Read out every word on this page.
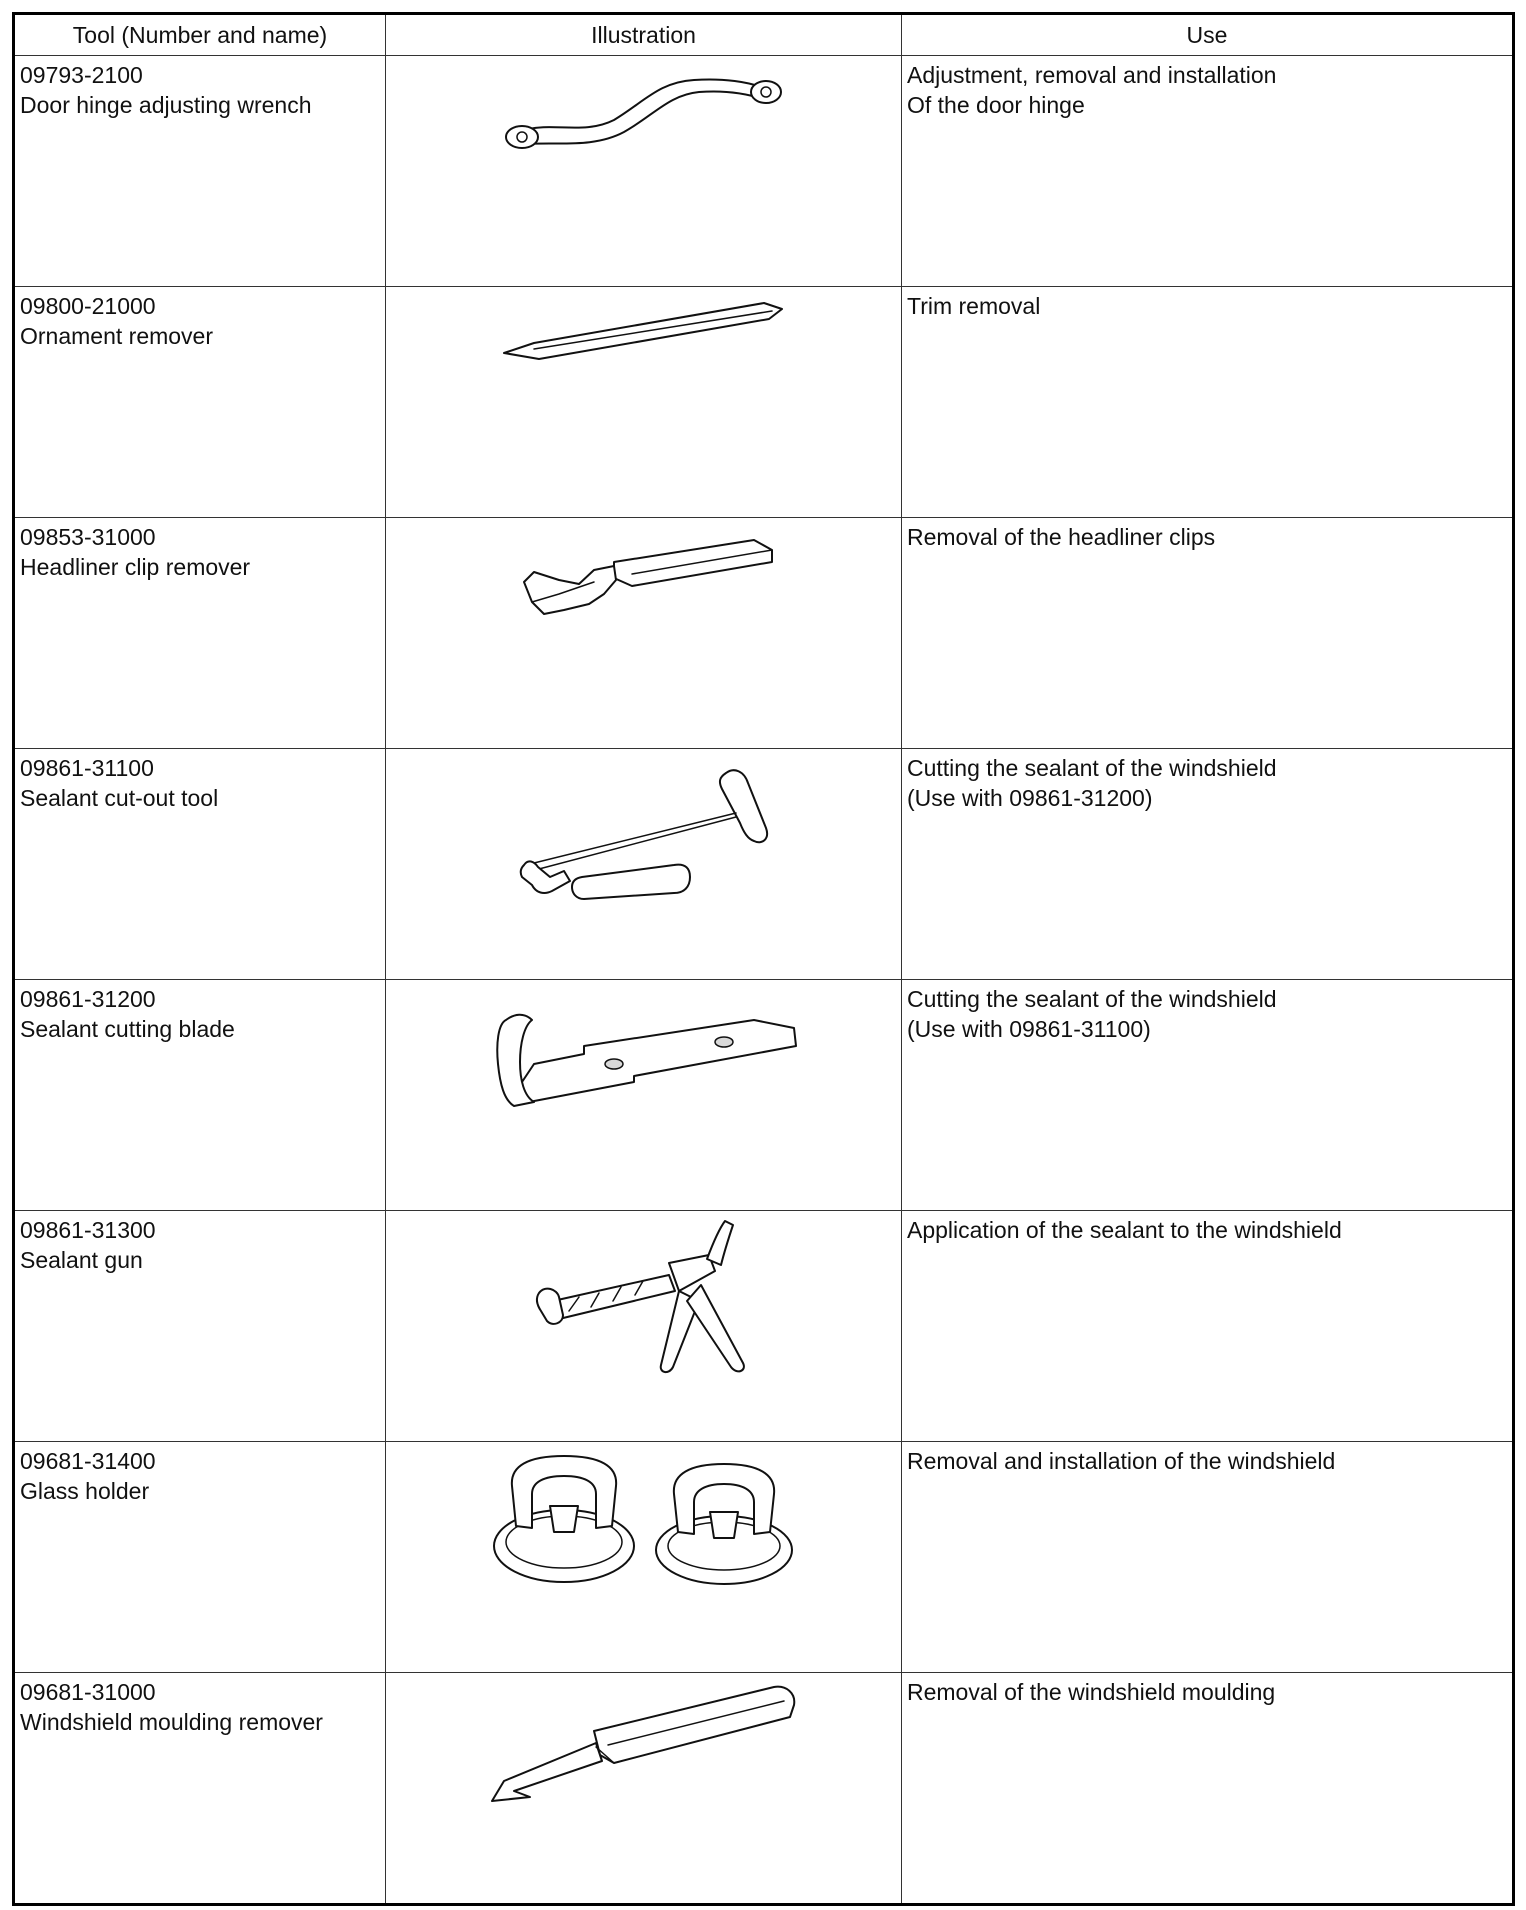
Tool (Number and name)	Illustration	Use

09793-2100
Door hinge adjusting wrench		Adjustment, removal and installation
Of the door hinge

09800-21000
Ornament remover		Trim removal

09853-31000
Headliner clip remover		Removal of the headliner clips

09861-31100
Sealant cut-out tool		Cutting the sealant of the windshield
(Use with 09861-31200)

09861-31200
Sealant cutting blade		Cutting the sealant of the windshield
(Use with 09861-31100)

09861-31300
Sealant gun		Application of the sealant to the windshield

09681-31400
Glass holder		Removal and installation of the windshield

09681-31000
Windshield moulding remover		Removal of the windshield moulding
